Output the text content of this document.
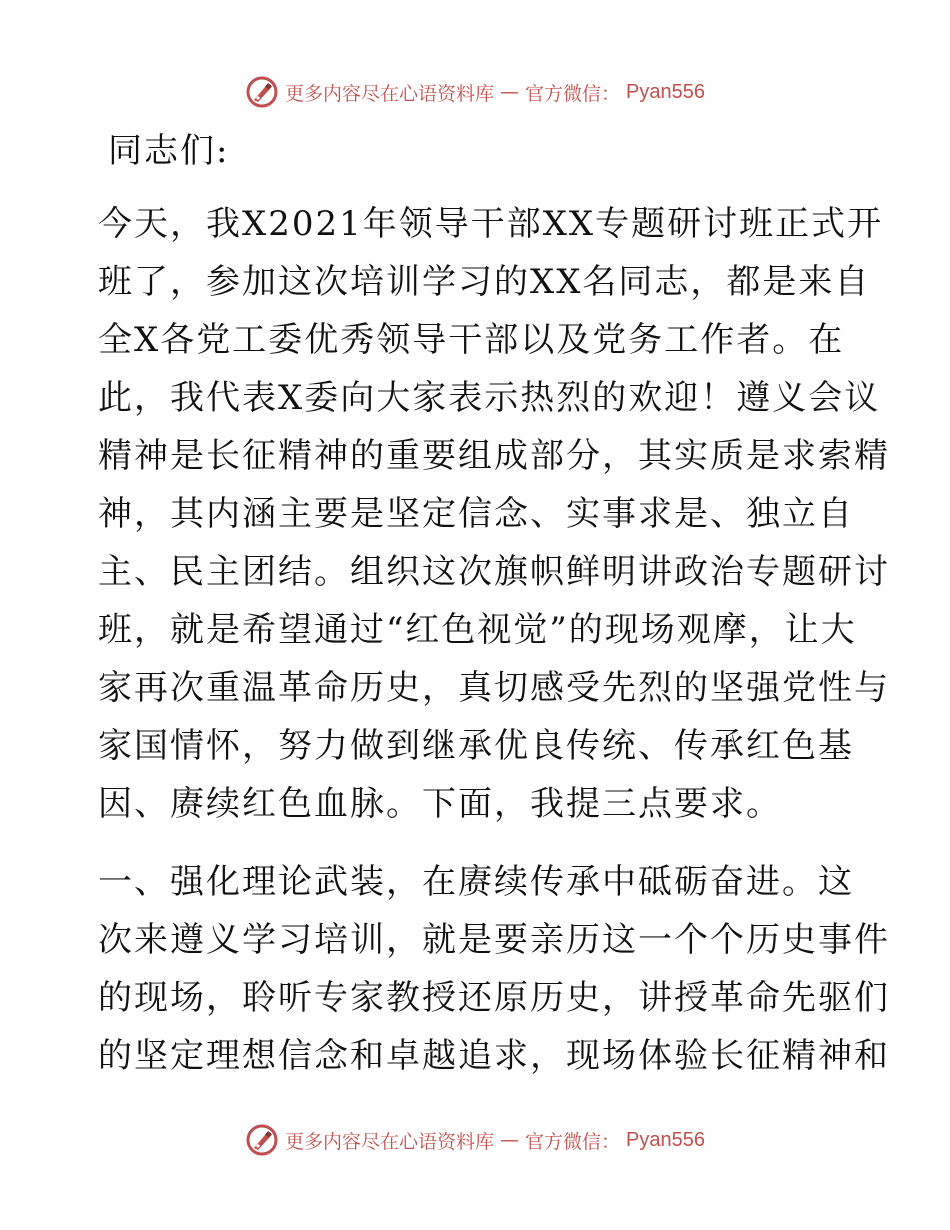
更多内容尽在心语资料库 — 官方微信： Pyan556

同志们:

今天，我X2021年领导干部XX专题研讨班正式开
班了，参加这次培训学习的XX名同志，都是来自
全X各党工委优秀领导干部以及党务工作者。在
此，我代表X委向大家表示热烈的欢迎！遵义会议
精神是长征精神的重要组成部分，其实质是求索精
神，其内涵主要是坚定信念、实事求是、独立自
主、民主团结。组织这次旗帜鲜明讲政治专题研讨
班，就是希望通过“红色视觉”的现场观摩，让大
家再次重温革命历史，真切感受先烈的坚强党性与
家国情怀，努力做到继承优良传统、传承红色基
因、赓续红色血脉。下面，我提三点要求。

一、强化理论武装，在赓续传承中砥砺奋进。这
次来遵义学习培训，就是要亲历这一个个历史事件
的现场，聆听专家教授还原历史，讲授革命先驱们
的坚定理想信念和卓越追求，现场体验长征精神和

更多内容尽在心语资料库 — 官方微信： Pyan556
